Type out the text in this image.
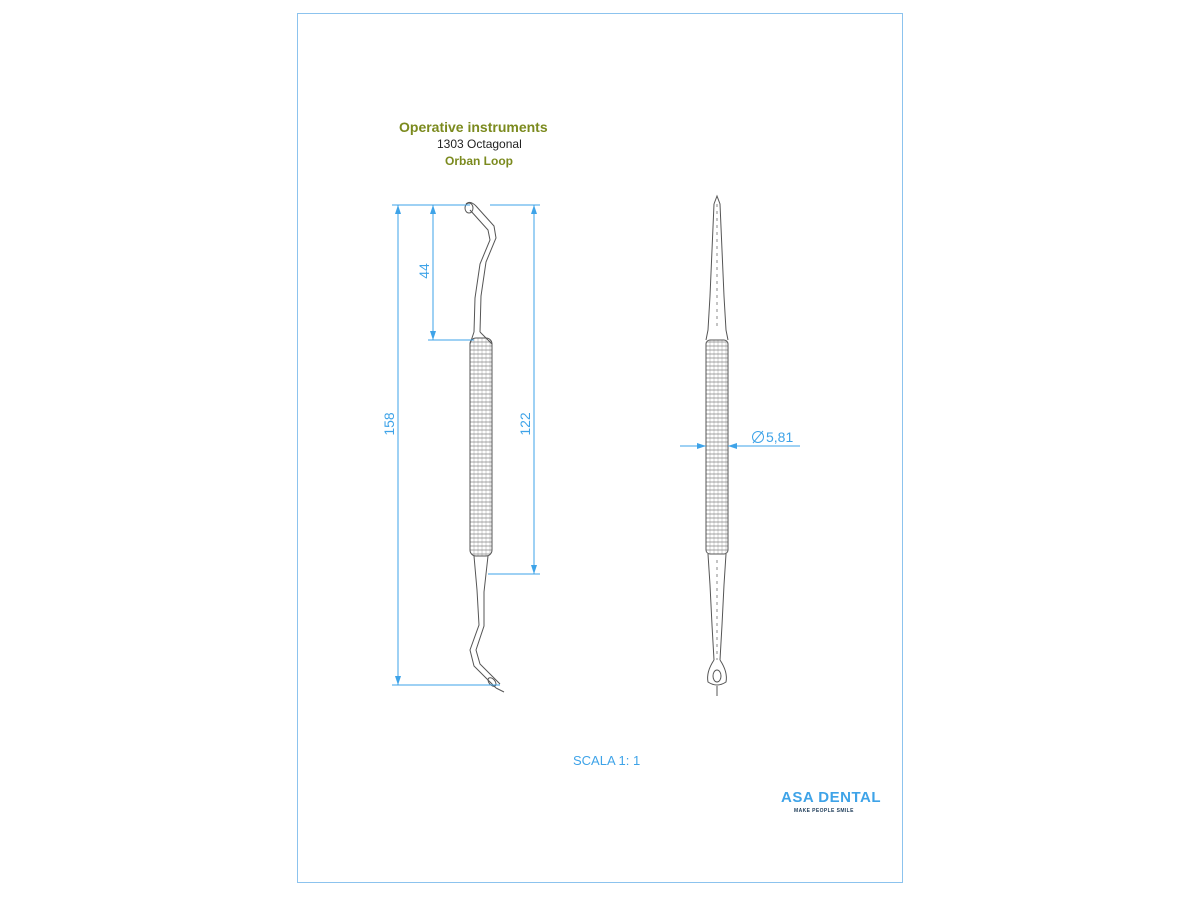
Operative instruments
1303 Octagonal
Orban Loop
158
44
122
5,81
SCALA 1: 1
ASA DENTAL
MAKE PEOPLE SMILE
